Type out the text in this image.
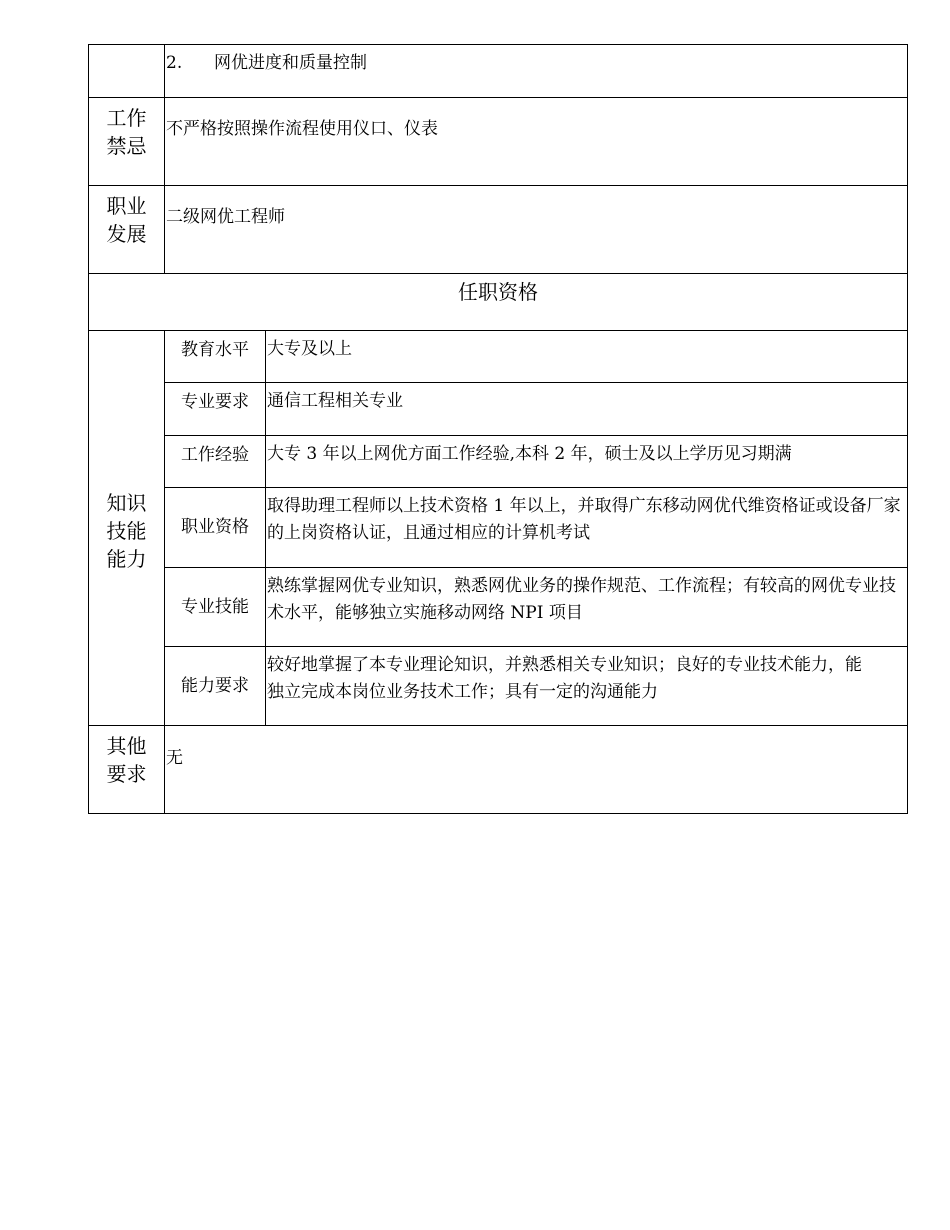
	2. 网优进度和质量控制	

工作
禁忌	不严格按照操作流程使用仪口、仪表	

职业
发展	二级网优工程师	
任职资格		

知识
技能
能力	教育水平	大专及以上
	专业要求	通信工程相关专业
	工作经验	大专 3 年以上网优方面工作经验,本科 2 年，硕士及以上学历见习期满
	职业资格	取得助理工程师以上技术资格 1 年以上，并取得广东移动网优代维资格证或设备厂家的上岗资格认证，且通过相应的计算机考试
	专业技能	熟练掌握网优专业知识，熟悉网优业务的操作规范、工作流程；有较高的网优专业技术水平，能够独立实施移动网络 NPI 项目
	能力要求	较好地掌握了本专业理论知识，并熟悉相关专业知识；良好的专业技术能力，能独立完成本岗位业务技术工作；具有一定的沟通能力

其他
要求	无	
